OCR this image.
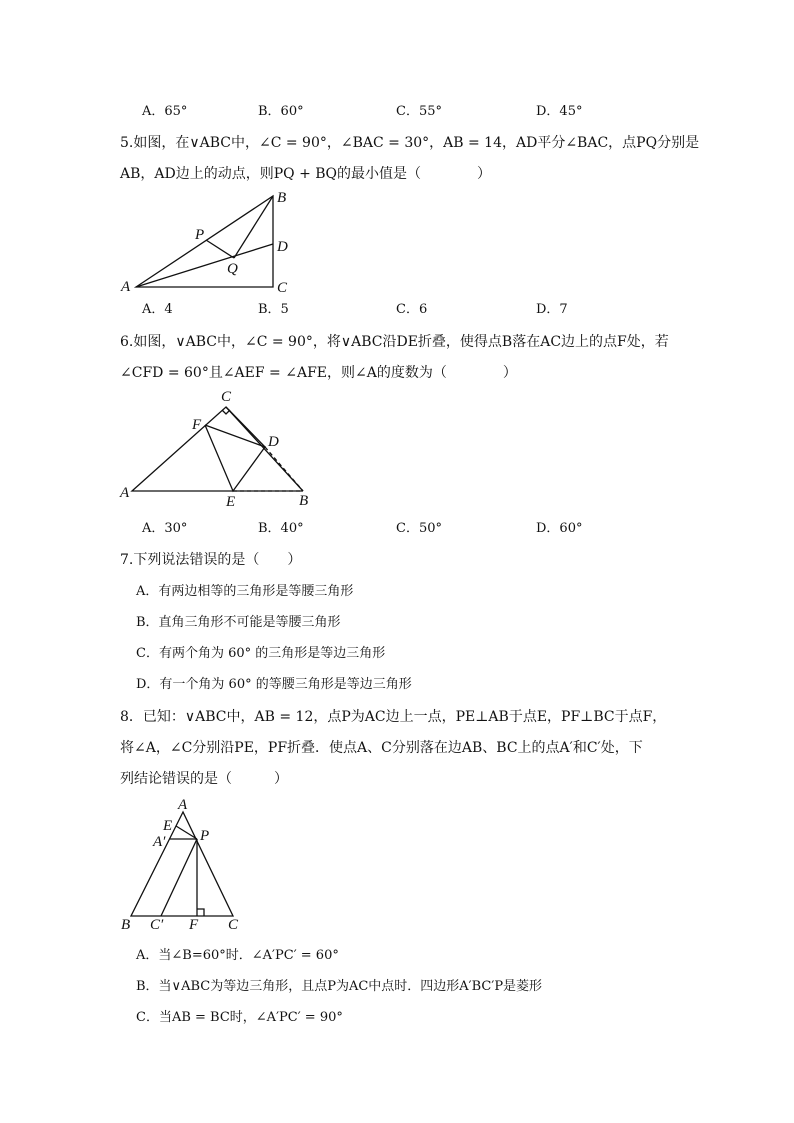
A．65°	B．60°	C．55°	D．45°
5.如图，在∨ABC中，∠C = 90°，∠BAC = 30°，AB = 14，AD平分∠BAC，点PQ分别是
AB，AD边上的动点，则PQ + BQ的最小值是（　　　　）
A
B
C
D
P
Q
A．4	B．5	C．6	D．7
6.如图，∨ABC中，∠C = 90°，将∨ABC沿DE折叠，使得点B落在AC边上的点F处，若
∠CFD = 60°且∠AEF = ∠AFE，则∠A的度数为（　　　　）
C
F
D
A
E	B
A．30°	B．40°	C．50°	D．60°
7.下列说法错误的是（　　）
A．有两边相等的三角形是等腰三角形
B．直角三角形不可能是等腰三角形
C．有两个角为 60° 的三角形是等边三角形
D．有一个角为 60° 的等腰三角形是等边三角形
8．已知：∨ABC中，AB = 12，点P为AC边上一点，PE⊥AB于点E，PF⊥BC于点F，
将∠A，∠C分别沿PE，PF折叠．使点A、C分别落在边AB、BC上的点A′和C′处，下
列结论错误的是（　　　）
A
E
A′ P
B C′ F C
A．当∠B=60°时．∠A′PC′ = 60°
B．当∨ABC为等边三角形，且点P为AC中点时．四边形A′BC′P是菱形
C．当AB = BC时，∠A′PC′ = 90°
